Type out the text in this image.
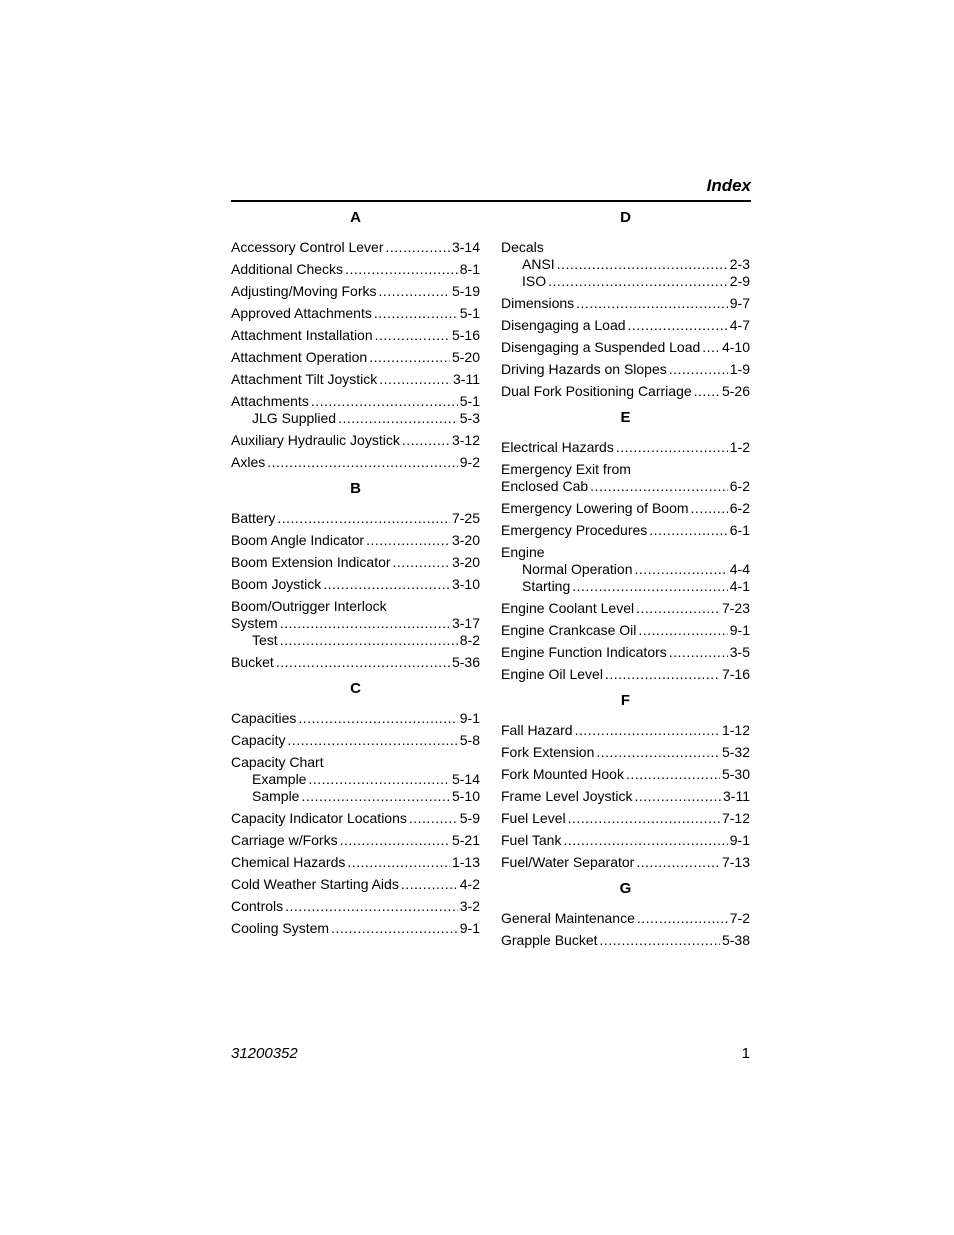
Index
A
Accessory Control Lever .....	3-14
Additional Checks .....	8-1
Adjusting/Moving Forks .....	5-19
Approved Attachments .....	5-1
Attachment Installation .....	5-16
Attachment Operation .....	5-20
Attachment Tilt Joystick .....	3-11
Attachments .....	5-1
JLG Supplied .....	5-3
Auxiliary Hydraulic Joystick .....	3-12
Axles .....	9-2
B
Battery .....	7-25
Boom Angle Indicator .....	3-20
Boom Extension Indicator .....	3-20
Boom Joystick .....	3-10
Boom/Outrigger Interlock
System .....	3-17
Test .....	8-2
Bucket .....	5-36
C
Capacities .....	9-1
Capacity .....	5-8
Capacity Chart
Example .....	5-14
Sample .....	5-10
Capacity Indicator Locations .....	5-9
Carriage w/Forks .....	5-21
Chemical Hazards .....	1-13
Cold Weather Starting Aids .....	4-2
Controls .....	3-2
Cooling System .....	9-1
D
Decals
ANSI .....	2-3
ISO .....	2-9
Dimensions .....	9-7
Disengaging a Load .....	4-7
Disengaging a Suspended Load ..... 4-10
Driving Hazards on Slopes .....	1-9
Dual Fork Positioning Carriage ..... 5-26
E
Electrical Hazards .....	1-2
Emergency Exit from
Enclosed Cab .....	6-2
Emergency Lowering of Boom .....	6-2
Emergency Procedures .....	6-1
Engine
Normal Operation .....	4-4
Starting .....	4-1
Engine Coolant Level .....	7-23
Engine Crankcase Oil .....	9-1
Engine Function Indicators .....	3-5
Engine Oil Level .....	7-16
F
Fall Hazard .....	1-12
Fork Extension .....	5-32
Fork Mounted Hook .....	5-30
Frame Level Joystick .....	3-11
Fuel Level .....	7-12
Fuel Tank .....	9-1
Fuel/Water Separator .....	7-13
G
General Maintenance .....	7-2
Grapple Bucket .....	5-38
31200352	1
